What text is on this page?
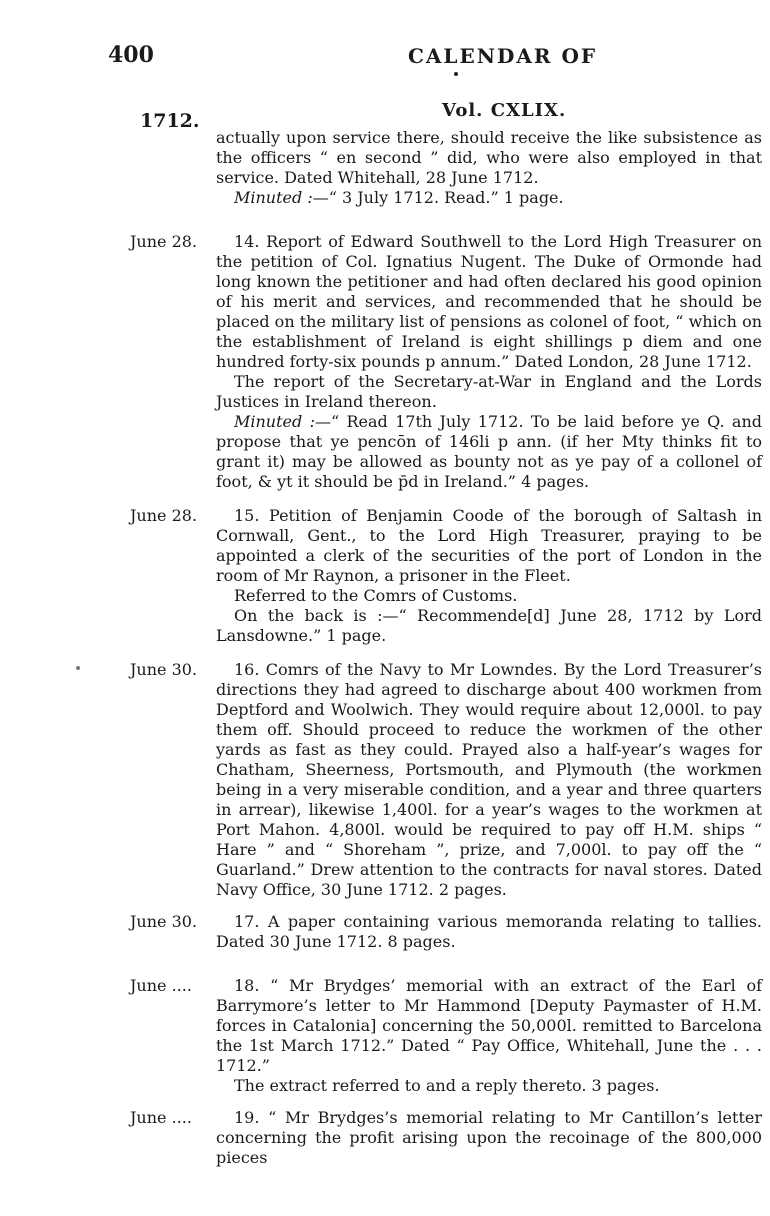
400	CALENDAR OF
1712.	Vol. CXLIX.

actually upon service there, should receive the like subsistence as the officers “ en second ” did, who were also employed in that service. Dated Whitehall, 28 June 1712.

Minuted :—“ 3 July 1712. Read.” 1 page.

June 28.	14. Report of Edward Southwell to the Lord High Treasurer on the petition of Col. Ignatius Nugent. The Duke of Ormonde had long known the petitioner and had often declared his good opinion of his merit and services, and recommended that he should be placed on the military list of pensions as colonel of foot, “ which on the establishment of Ireland is eight shillings p diem and one hundred forty-six pounds p annum.” Dated London, 28 June 1712.

The report of the Secretary-at-War in England and the Lords Justices in Ireland thereon.

Minuted :—“ Read 17th July 1712. To be laid before ye Q. and propose that ye pencōn of 146li p ann. (if her Mty thinks fit to grant it) may be allowed as bounty not as ye pay of a collonel of foot, & yt it should be p̄d in Ireland.” 4 pages.

June 28.	15. Petition of Benjamin Coode of the borough of Saltash in Cornwall, Gent., to the Lord High Treasurer, praying to be appointed a clerk of the securities of the port of London in the room of Mr Raynon, a prisoner in the Fleet.

Referred to the Comrs of Customs.

On the back is :—“ Recommende[d] June 28, 1712 by Lord Lansdowne.” 1 page.

June 30.	16. Comrs of the Navy to Mr Lowndes. By the Lord Treasurer’s directions they had agreed to discharge about 400 workmen from Deptford and Woolwich. They would require about 12,000l. to pay them off. Should proceed to reduce the workmen of the other yards as fast as they could. Prayed also a half-year’s wages for Chatham, Sheerness, Portsmouth, and Plymouth (the workmen being in a very miserable condition, and a year and three quarters in arrear), likewise 1,400l. for a year’s wages to the workmen at Port Mahon. 4,800l. would be required to pay off H.M. ships “ Hare ” and “ Shoreham ”, prize, and 7,000l. to pay off the “ Guarland.” Drew attention to the contracts for naval stores. Dated Navy Office, 30 June 1712. 2 pages.

June 30.	17. A paper containing various memoranda relating to tallies. Dated 30 June 1712. 8 pages.

June ....	18. “ Mr Brydges’ memorial with an extract of the Earl of Barrymore’s letter to Mr Hammond [Deputy Paymaster of H.M. forces in Catalonia] concerning the 50,000l. remitted to Barcelona the 1st March 1712.” Dated “ Pay Office, Whitehall, June the . . . 1712.”

The extract referred to and a reply thereto. 3 pages.

June ....	19. “ Mr Brydges’s memorial relating to Mr Cantillon’s letter concerning the profit arising upon the recoinage of the 800,000 pieces
